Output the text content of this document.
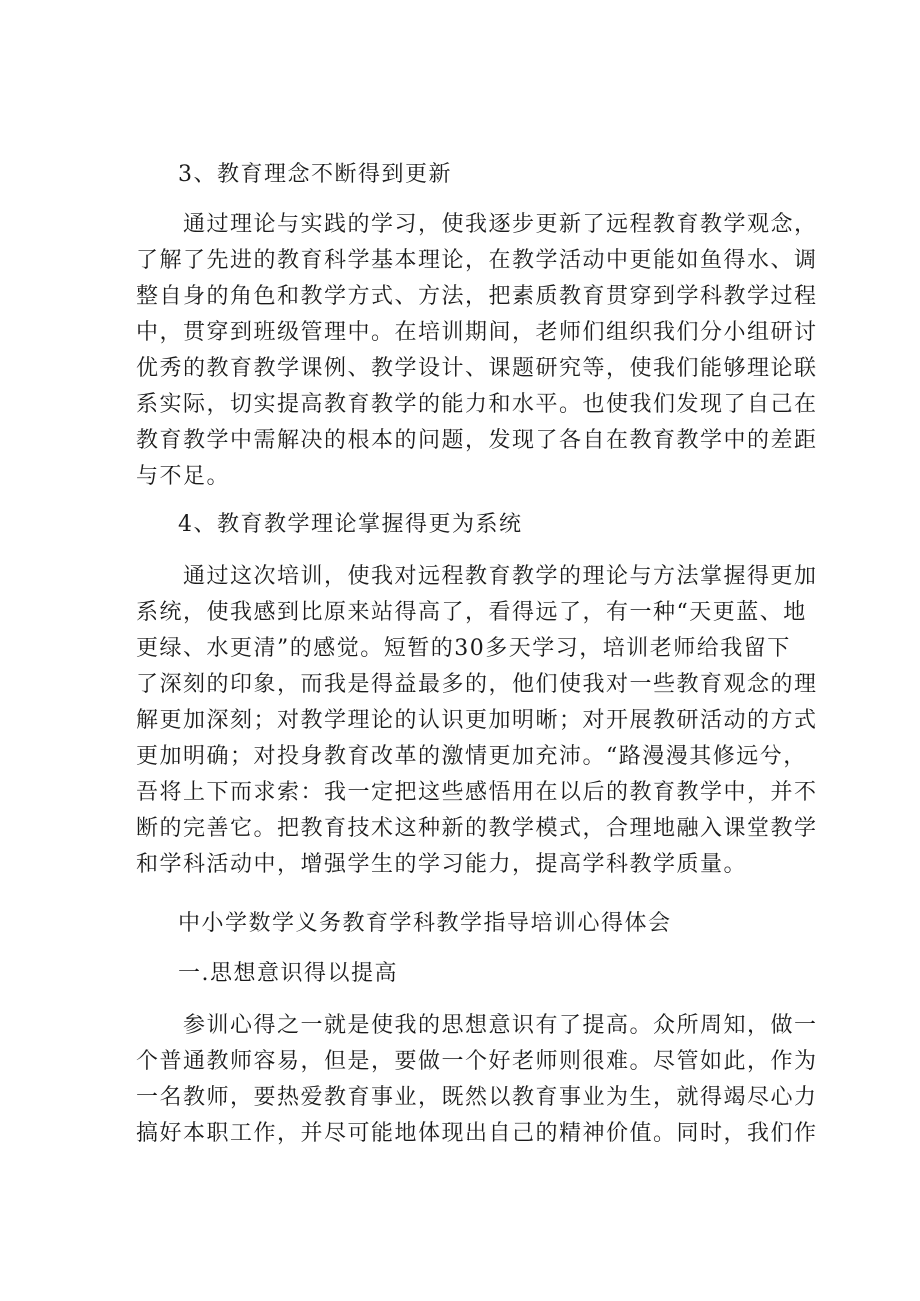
3、教育理念不断得到更新
　　通过理论与实践的学习，使我逐步更新了远程教育教学观念，
了解了先进的教育科学基本理论，在教学活动中更能如鱼得水、调
整自身的角色和教学方式、方法，把素质教育贯穿到学科教学过程
中，贯穿到班级管理中。在培训期间，老师们组织我们分小组研讨
优秀的教育教学课例、教学设计、课题研究等，使我们能够理论联
系实际，切实提高教育教学的能力和水平。也使我们发现了自己在
教育教学中需解决的根本的问题，发现了各自在教育教学中的差距
与不足。
4、教育教学理论掌握得更为系统
　　通过这次培训，使我对远程教育教学的理论与方法掌握得更加
系统，使我感到比原来站得高了，看得远了，有一种“天更蓝、地
更绿、水更清”的感觉。短暂的30多天学习，培训老师给我留下
了深刻的印象，而我是得益最多的，他们使我对一些教育观念的理
解更加深刻；对教学理论的认识更加明晰；对开展教研活动的方式
更加明确；对投身教育改革的激情更加充沛。“路漫漫其修远兮，
吾将上下而求索：我一定把这些感悟用在以后的教育教学中，并不
断的完善它。把教育技术这种新的教学模式，合理地融入课堂教学
和学科活动中，增强学生的学习能力，提高学科教学质量。
中小学数学义务教育学科教学指导培训心得体会
一.思想意识得以提高
　　参训心得之一就是使我的思想意识有了提高。众所周知，做一
个普通教师容易，但是，要做一个好老师则很难。尽管如此，作为
一名教师，要热爱教育事业，既然以教育事业为生，就得竭尽心力
搞好本职工作，并尽可能地体现出自己的精神价值。同时，我们作
